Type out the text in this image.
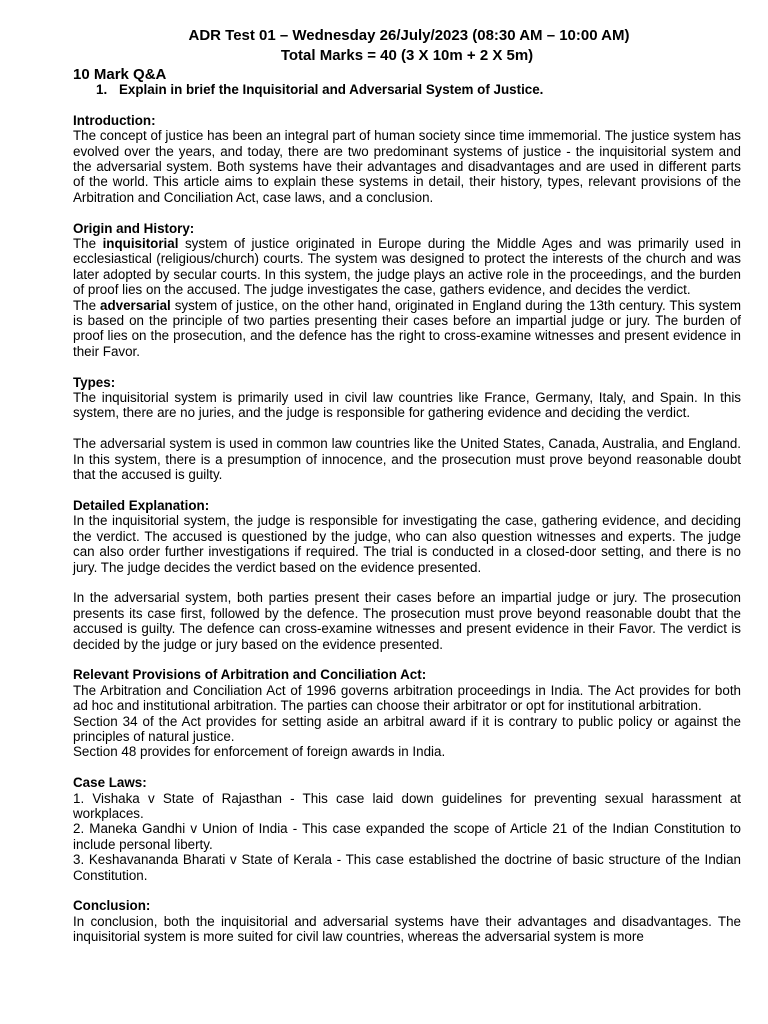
ADR Test 01 – Wednesday 26/July/2023 (08:30 AM – 10:00 AM)
Total Marks = 40 (3 X 10m + 2 X 5m)
10 Mark Q&A
1. Explain in brief the Inquisitorial and Adversarial System of Justice.
Introduction:

The concept of justice has been an integral part of human society since time immemorial. The justice system has evolved over the years, and today, there are two predominant systems of justice - the inquisitorial system and the adversarial system. Both systems have their advantages and disadvantages and are used in different parts of the world. This article aims to explain these systems in detail, their history, types, relevant provisions of the Arbitration and Conciliation Act, case laws, and a conclusion.

Origin and History:

The inquisitorial system of justice originated in Europe during the Middle Ages and was primarily used in ecclesiastical (religious/church) courts. The system was designed to protect the interests of the church and was later adopted by secular courts. In this system, the judge plays an active role in the proceedings, and the burden of proof lies on the accused. The judge investigates the case, gathers evidence, and decides the verdict.

The adversarial system of justice, on the other hand, originated in England during the 13th century. This system is based on the principle of two parties presenting their cases before an impartial judge or jury. The burden of proof lies on the prosecution, and the defence has the right to cross-examine witnesses and present evidence in their Favor.

Types:

The inquisitorial system is primarily used in civil law countries like France, Germany, Italy, and Spain. In this system, there are no juries, and the judge is responsible for gathering evidence and deciding the verdict.

The adversarial system is used in common law countries like the United States, Canada, Australia, and England. In this system, there is a presumption of innocence, and the prosecution must prove beyond reasonable doubt that the accused is guilty.

Detailed Explanation:

In the inquisitorial system, the judge is responsible for investigating the case, gathering evidence, and deciding the verdict. The accused is questioned by the judge, who can also question witnesses and experts. The judge can also order further investigations if required. The trial is conducted in a closed-door setting, and there is no jury. The judge decides the verdict based on the evidence presented.

In the adversarial system, both parties present their cases before an impartial judge or jury. The prosecution presents its case first, followed by the defence. The prosecution must prove beyond reasonable doubt that the accused is guilty. The defence can cross-examine witnesses and present evidence in their Favor. The verdict is decided by the judge or jury based on the evidence presented.

Relevant Provisions of Arbitration and Conciliation Act:

The Arbitration and Conciliation Act of 1996 governs arbitration proceedings in India. The Act provides for both ad hoc and institutional arbitration. The parties can choose their arbitrator or opt for institutional arbitration.

Section 34 of the Act provides for setting aside an arbitral award if it is contrary to public policy or against the principles of natural justice.

Section 48 provides for enforcement of foreign awards in India.

Case Laws:

1. Vishaka v State of Rajasthan - This case laid down guidelines for preventing sexual harassment at workplaces.

2. Maneka Gandhi v Union of India - This case expanded the scope of Article 21 of the Indian Constitution to include personal liberty.

3. Keshavananda Bharati v State of Kerala - This case established the doctrine of basic structure of the Indian Constitution.

Conclusion:

In conclusion, both the inquisitorial and adversarial systems have their advantages and disadvantages. The inquisitorial system is more suited for civil law countries, whereas the adversarial system is more
